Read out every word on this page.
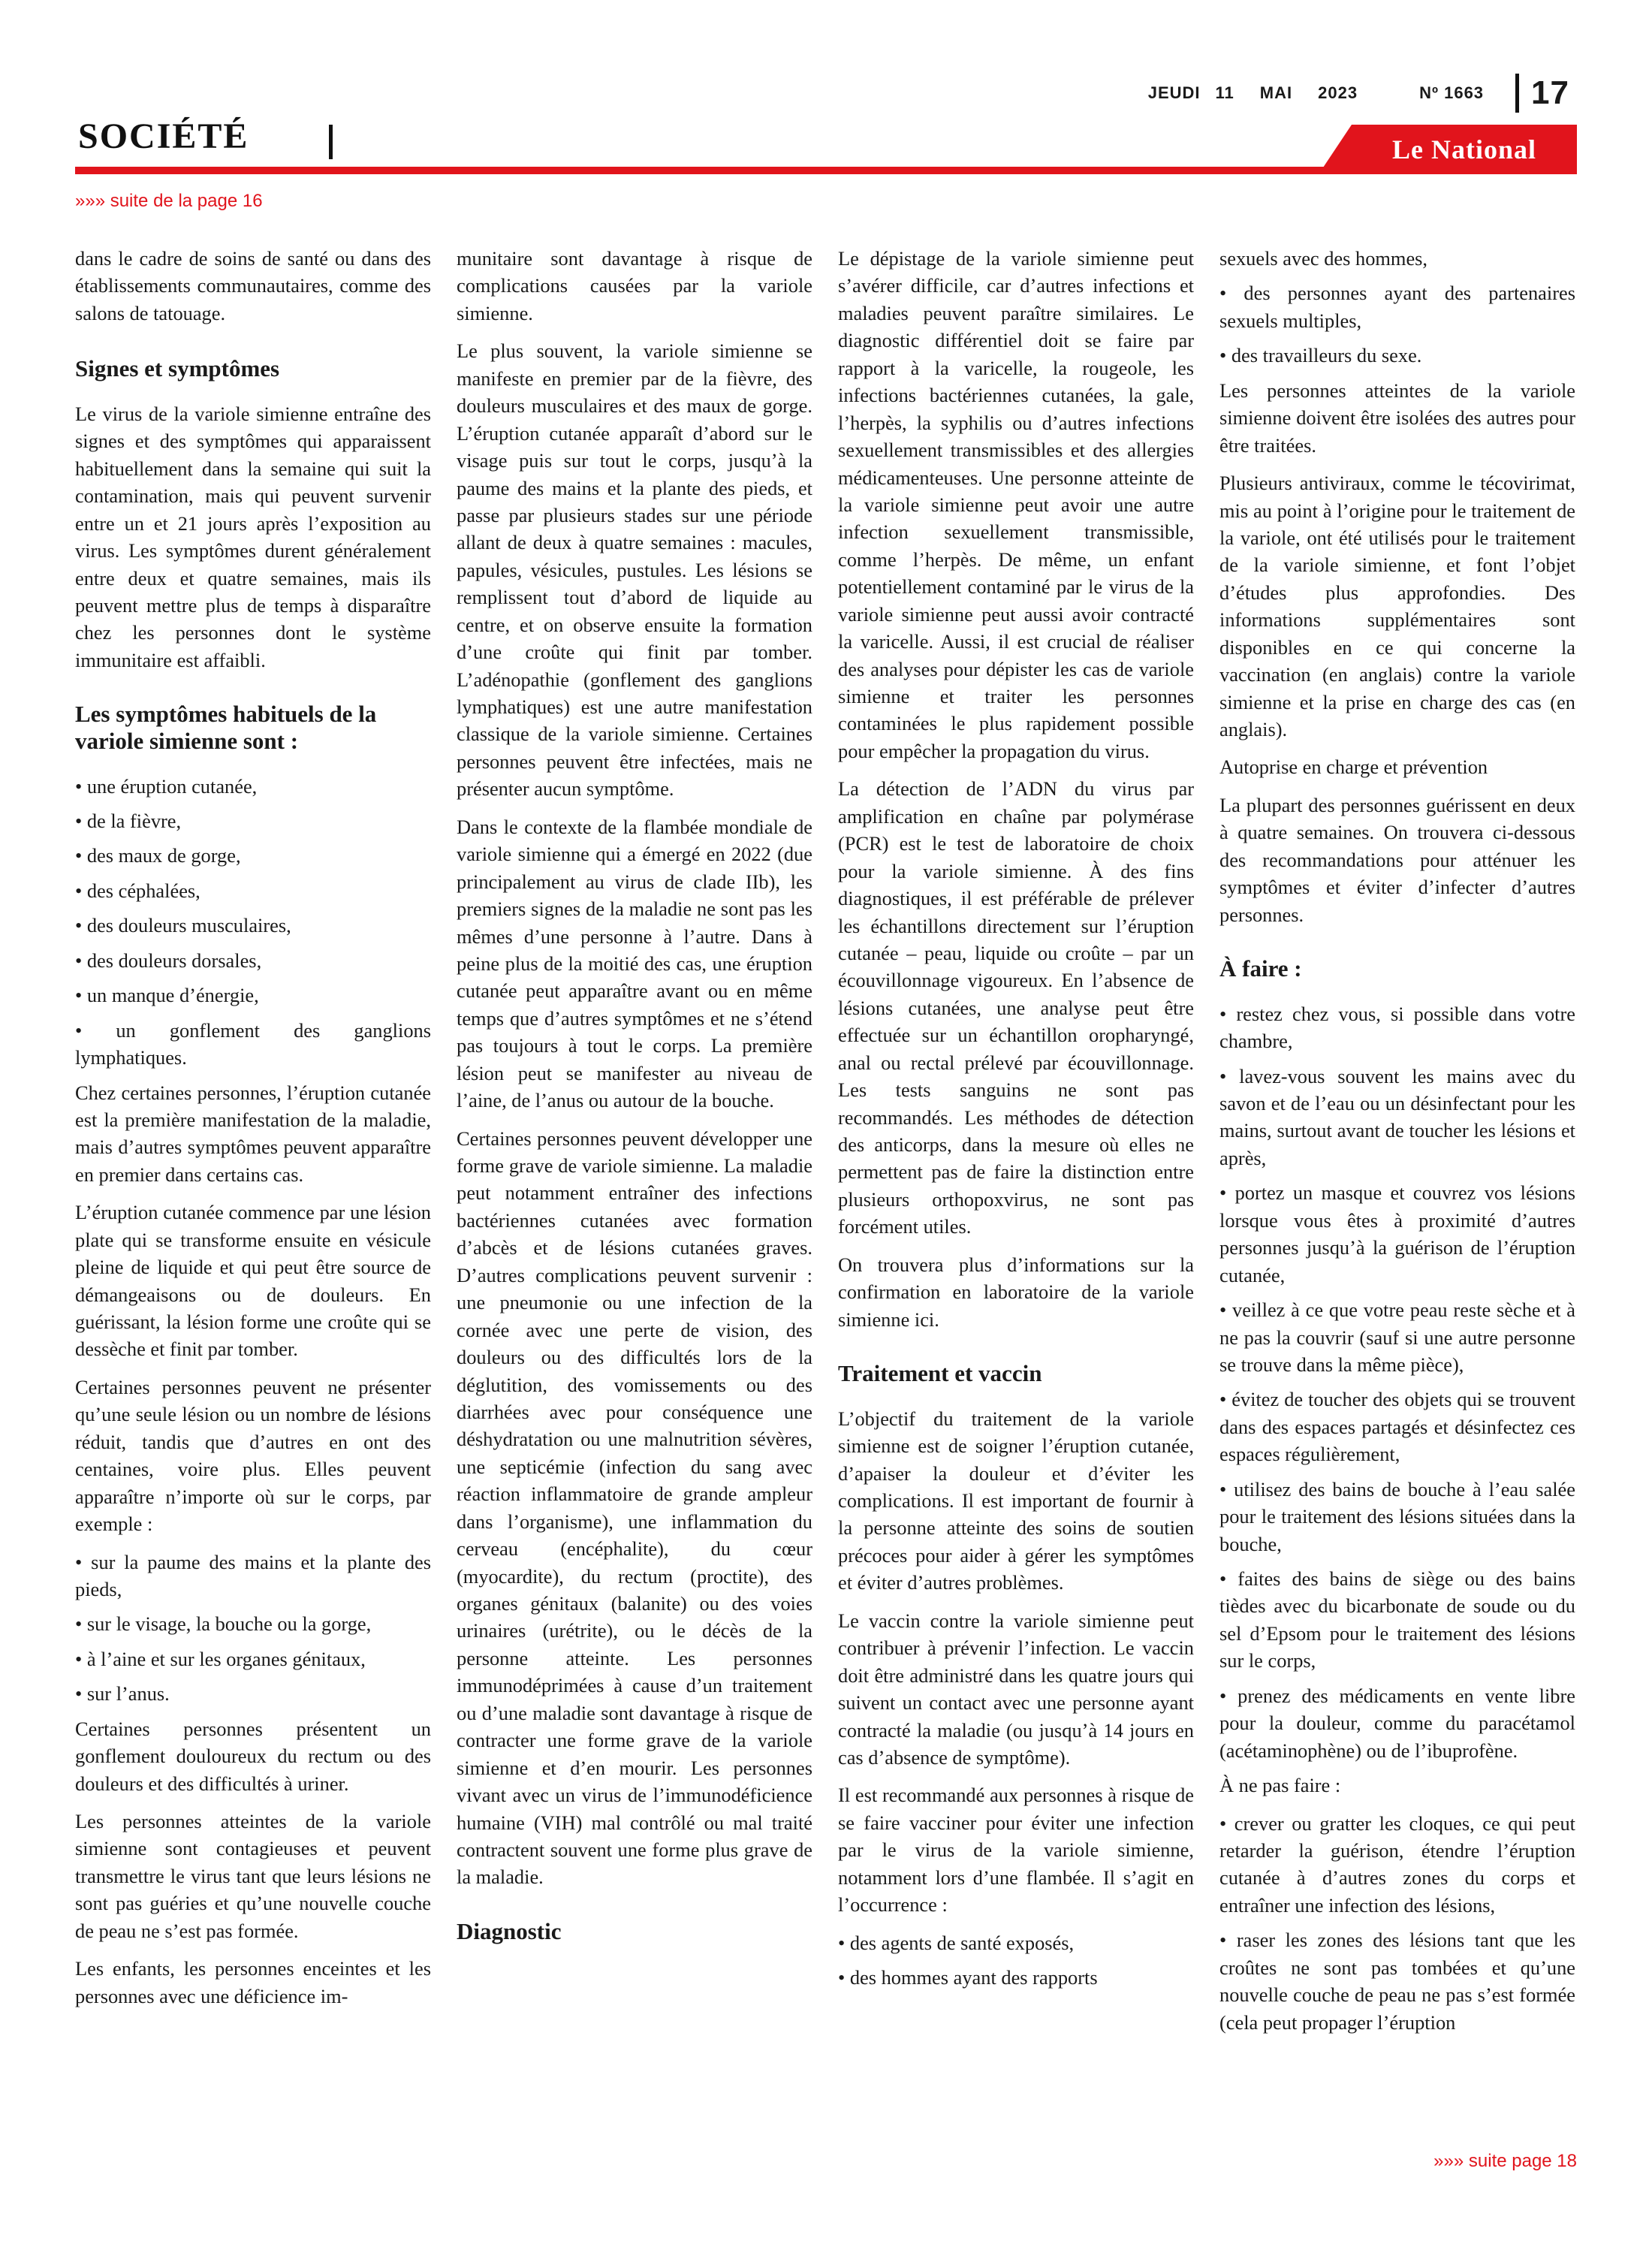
JEUDI 11 MAI 2023	Nº 1663 17
SOCIÉTÉ	Le National
»»» suite de la page 16

dans le cadre de soins de santé ou dans des établissements communautaires, comme des salons de tatouage.

Signes et symptômes

Le virus de la variole simienne entraîne des signes et des symptômes qui apparaissent habituellement dans la semaine qui suit la contamination, mais qui peuvent survenir entre un et 21 jours après l’exposition au virus. Les symptômes durent généralement entre deux et quatre semaines, mais ils peuvent mettre plus de temps à disparaître chez les personnes dont le système immunitaire est affaibli.

Les symptômes habituels de la variole simienne sont :

• une éruption cutanée,

• de la fièvre,

• des maux de gorge,

• des céphalées,

• des douleurs musculaires,

• des douleurs dorsales,

• un manque d’énergie,

• un gonflement des ganglions lymphatiques.

Chez certaines personnes, l’éruption cutanée est la première manifestation de la maladie, mais d’autres symptômes peuvent apparaître en premier dans certains cas.

L’éruption cutanée commence par une lésion plate qui se transforme ensuite en vésicule pleine de liquide et qui peut être source de démangeaisons ou de douleurs. En guérissant, la lésion forme une croûte qui se dessèche et finit par tomber.

Certaines personnes peuvent ne présenter qu’une seule lésion ou un nombre de lésions réduit, tandis que d’autres en ont des centaines, voire plus. Elles peuvent apparaître n’importe où sur le corps, par exemple :

• sur la paume des mains et la plante des pieds,

• sur le visage, la bouche ou la gorge,

• à l’aine et sur les organes génitaux,

• sur l’anus.

Certaines personnes présentent un gonflement douloureux du rectum ou des douleurs et des difficultés à uriner.

Les personnes atteintes de la variole simienne sont contagieuses et peuvent transmettre le virus tant que leurs lésions ne sont pas guéries et qu’une nouvelle couche de peau ne s’est pas formée.

Les enfants, les personnes enceintes et les personnes avec une déficience im-

munitaire sont davantage à risque de complications causées par la variole simienne.

Le plus souvent, la variole simienne se manifeste en premier par de la fièvre, des douleurs musculaires et des maux de gorge. L’éruption cutanée apparaît d’abord sur le visage puis sur tout le corps, jusqu’à la paume des mains et la plante des pieds, et passe par plusieurs stades sur une période allant de deux à quatre semaines : macules, papules, vésicules, pustules. Les lésions se remplissent tout d’abord de liquide au centre, et on observe ensuite la formation d’une croûte qui finit par tomber. L’adénopathie (gonflement des ganglions lymphatiques) est une autre manifestation classique de la variole simienne. Certaines personnes peuvent être infectées, mais ne présenter aucun symptôme.

Dans le contexte de la flambée mondiale de variole simienne qui a émergé en 2022 (due principalement au virus de clade IIb), les premiers signes de la maladie ne sont pas les mêmes d’une personne à l’autre. Dans à peine plus de la moitié des cas, une éruption cutanée peut apparaître avant ou en même temps que d’autres symptômes et ne s’étend pas toujours à tout le corps. La première lésion peut se manifester au niveau de l’aine, de l’anus ou autour de la bouche.

Certaines personnes peuvent développer une forme grave de variole simienne. La maladie peut notamment entraîner des infections bactériennes cutanées avec formation d’abcès et de lésions cutanées graves. D’autres complications peuvent survenir : une pneumonie ou une infection de la cornée avec une perte de vision, des douleurs ou des difficultés lors de la déglutition, des vomissements ou des diarrhées avec pour conséquence une déshydratation ou une malnutrition sévères, une septicémie (infection du sang avec réaction inflammatoire de grande ampleur dans l’organisme), une inflammation du cerveau (encéphalite), du cœur (myocardite), du rectum (proctite), des organes génitaux (balanite) ou des voies urinaires (urétrite), ou le décès de la personne atteinte. Les personnes immunodéprimées à cause d’un traitement ou d’une maladie sont davantage à risque de contracter une forme grave de la variole simienne et d’en mourir. Les personnes vivant avec un virus de l’immunodéficience humaine (VIH) mal contrôlé ou mal traité contractent souvent une forme plus grave de la maladie.

Diagnostic

Le dépistage de la variole simienne peut s’avérer difficile, car d’autres infections et maladies peuvent paraître similaires. Le diagnostic différentiel doit se faire par rapport à la varicelle, la rougeole, les infections bactériennes cutanées, la gale, l’herpès, la syphilis ou d’autres infections sexuellement transmissibles et des allergies médicamenteuses. Une personne atteinte de la variole simienne peut avoir une autre infection sexuellement transmissible, comme l’herpès. De même, un enfant potentiellement contaminé par le virus de la variole simienne peut aussi avoir contracté la varicelle. Aussi, il est crucial de réaliser des analyses pour dépister les cas de variole simienne et traiter les personnes contaminées le plus rapidement possible pour empêcher la propagation du virus.

La détection de l’ADN du virus par amplification en chaîne par polymérase (PCR) est le test de laboratoire de choix pour la variole simienne. À des fins diagnostiques, il est préférable de prélever les échantillons directement sur l’éruption cutanée – peau, liquide ou croûte – par un écouvillonnage vigoureux. En l’absence de lésions cutanées, une analyse peut être effectuée sur un échantillon oropharyngé, anal ou rectal prélevé par écouvillonnage. Les tests sanguins ne sont pas recommandés. Les méthodes de détection des anticorps, dans la mesure où elles ne permettent pas de faire la distinction entre plusieurs orthopoxvirus, ne sont pas forcément utiles.

On trouvera plus d’informations sur la confirmation en laboratoire de la variole simienne ici.

Traitement et vaccin

L’objectif du traitement de la variole simienne est de soigner l’éruption cutanée, d’apaiser la douleur et d’éviter les complications. Il est important de fournir à la personne atteinte des soins de soutien précoces pour aider à gérer les symptômes et éviter d’autres problèmes.

Le vaccin contre la variole simienne peut contribuer à prévenir l’infection. Le vaccin doit être administré dans les quatre jours qui suivent un contact avec une personne ayant contracté la maladie (ou jusqu’à 14 jours en cas d’absence de symptôme).

Il est recommandé aux personnes à risque de se faire vacciner pour éviter une infection par le virus de la variole simienne, notamment lors d’une flambée. Il s’agit en l’occurrence :

• des agents de santé exposés,

• des hommes ayant des rapports

sexuels avec des hommes,

• des personnes ayant des partenaires sexuels multiples,

• des travailleurs du sexe.

Les personnes atteintes de la variole simienne doivent être isolées des autres pour être traitées.

Plusieurs antiviraux, comme le técovirimat, mis au point à l’origine pour le traitement de la variole, ont été utilisés pour le traitement de la variole simienne, et font l’objet d’études plus approfondies. Des informations supplémentaires sont disponibles en ce qui concerne la vaccination (en anglais) contre la variole simienne et la prise en charge des cas (en anglais).

Autoprise en charge et prévention

La plupart des personnes guérissent en deux à quatre semaines. On trouvera ci-dessous des recommandations pour atténuer les symptômes et éviter d’infecter d’autres personnes.

À faire :

• restez chez vous, si possible dans votre chambre,

• lavez-vous souvent les mains avec du savon et de l’eau ou un désinfectant pour les mains, surtout avant de toucher les lésions et après,

• portez un masque et couvrez vos lésions lorsque vous êtes à proximité d’autres personnes jusqu’à la guérison de l’éruption cutanée,

• veillez à ce que votre peau reste sèche et à ne pas la couvrir (sauf si une autre personne se trouve dans la même pièce),

• évitez de toucher des objets qui se trouvent dans des espaces partagés et désinfectez ces espaces régulièrement,

• utilisez des bains de bouche à l’eau salée pour le traitement des lésions situées dans la bouche,

• faites des bains de siège ou des bains tièdes avec du bicarbonate de soude ou du sel d’Epsom pour le traitement des lésions sur le corps,

• prenez des médicaments en vente libre pour la douleur, comme du paracétamol (acétaminophène) ou de l’ibuprofène.

À ne pas faire :

• crever ou gratter les cloques, ce qui peut retarder la guérison, étendre l’éruption cutanée à d’autres zones du corps et entraîner une infection des lésions,

• raser les zones des lésions tant que les croûtes ne sont pas tombées et qu’une nouvelle couche de peau ne pas s’est formée (cela peut propager l’éruption

»»» suite page 18
